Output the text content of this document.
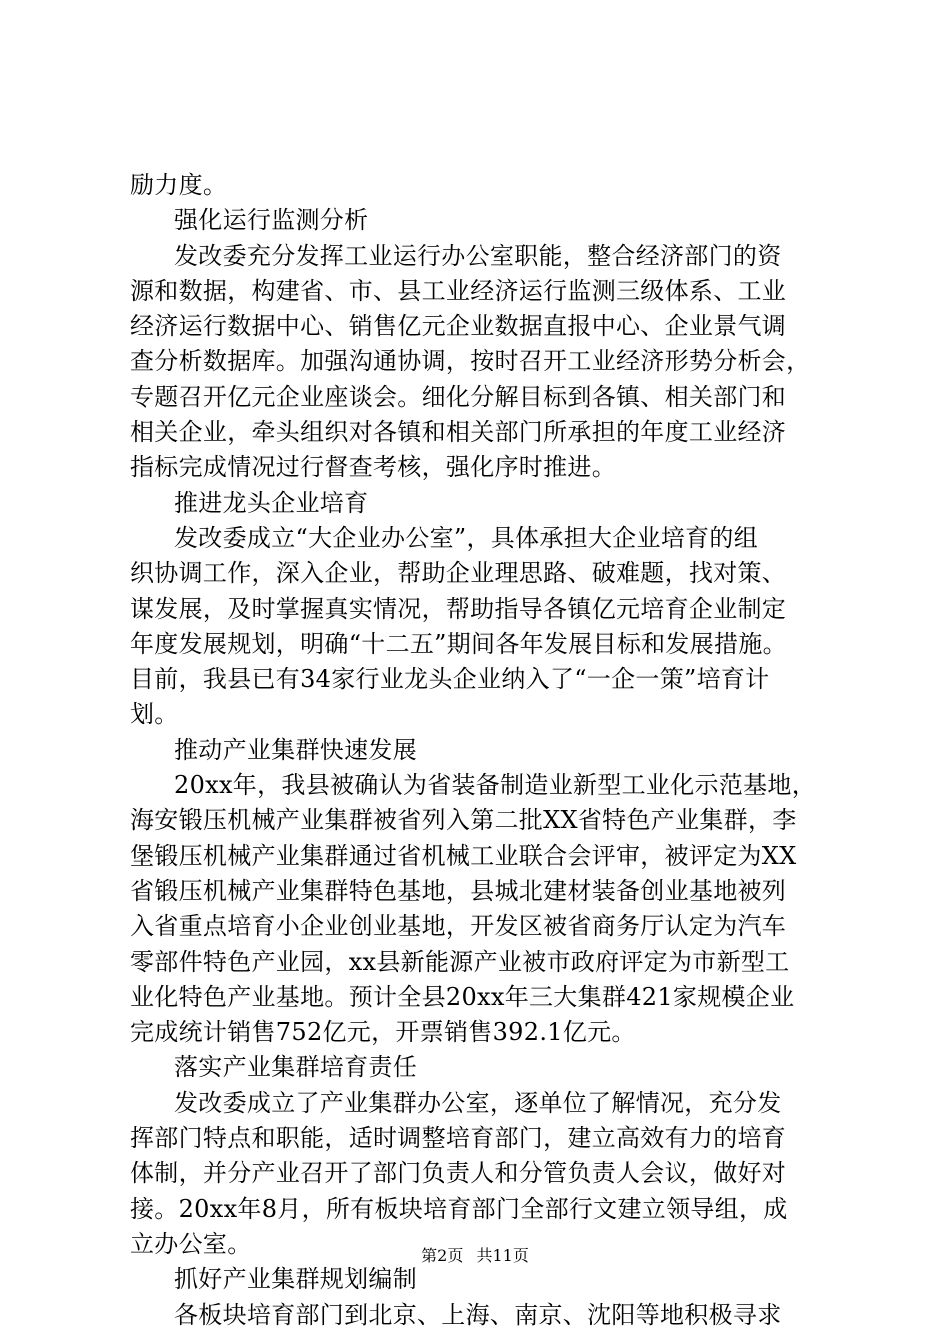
励力度。
强化运行监测分析
发改委充分发挥工业运行办公室职能，整合经济部门的资
源和数据，构建省、市、县工业经济运行监测三级体系、工业
经济运行数据中心、销售亿元企业数据直报中心、企业景气调
查分析数据库。加强沟通协调，按时召开工业经济形势分析会，
专题召开亿元企业座谈会。细化分解目标到各镇、相关部门和
相关企业，牵头组织对各镇和相关部门所承担的年度工业经济
指标完成情况过行督查考核，强化序时推进。
推进龙头企业培育
发改委成立“大企业办公室”，具体承担大企业培育的组
织协调工作，深入企业，帮助企业理思路、破难题，找对策、
谋发展，及时掌握真实情况，帮助指导各镇亿元培育企业制定
年度发展规划，明确“十二五”期间各年发展目标和发展措施。
目前，我县已有34家行业龙头企业纳入了“一企一策”培育计
划。
推动产业集群快速发展
20xx年，我县被确认为省装备制造业新型工业化示范基地，
海安锻压机械产业集群被省列入第二批XX省特色产业集群，李
堡锻压机械产业集群通过省机械工业联合会评审，被评定为XX
省锻压机械产业集群特色基地，县城北建材装备创业基地被列
入省重点培育小企业创业基地，开发区被省商务厅认定为汽车
零部件特色产业园，xx县新能源产业被市政府评定为市新型工
业化特色产业基地。预计全县20xx年三大集群421家规模企业
完成统计销售752亿元，开票销售392.1亿元。
落实产业集群培育责任
发改委成立了产业集群办公室，逐单位了解情况，充分发
挥部门特点和职能，适时调整培育部门，建立高效有力的培育
体制，并分产业召开了部门负责人和分管负责人会议，做好对
接。20xx年8月，所有板块培育部门全部行文建立领导组，成
立办公室。
抓好产业集群规划编制
各板块培育部门到北京、上海、南京、沈阳等地积极寻求
第2页 共11页
